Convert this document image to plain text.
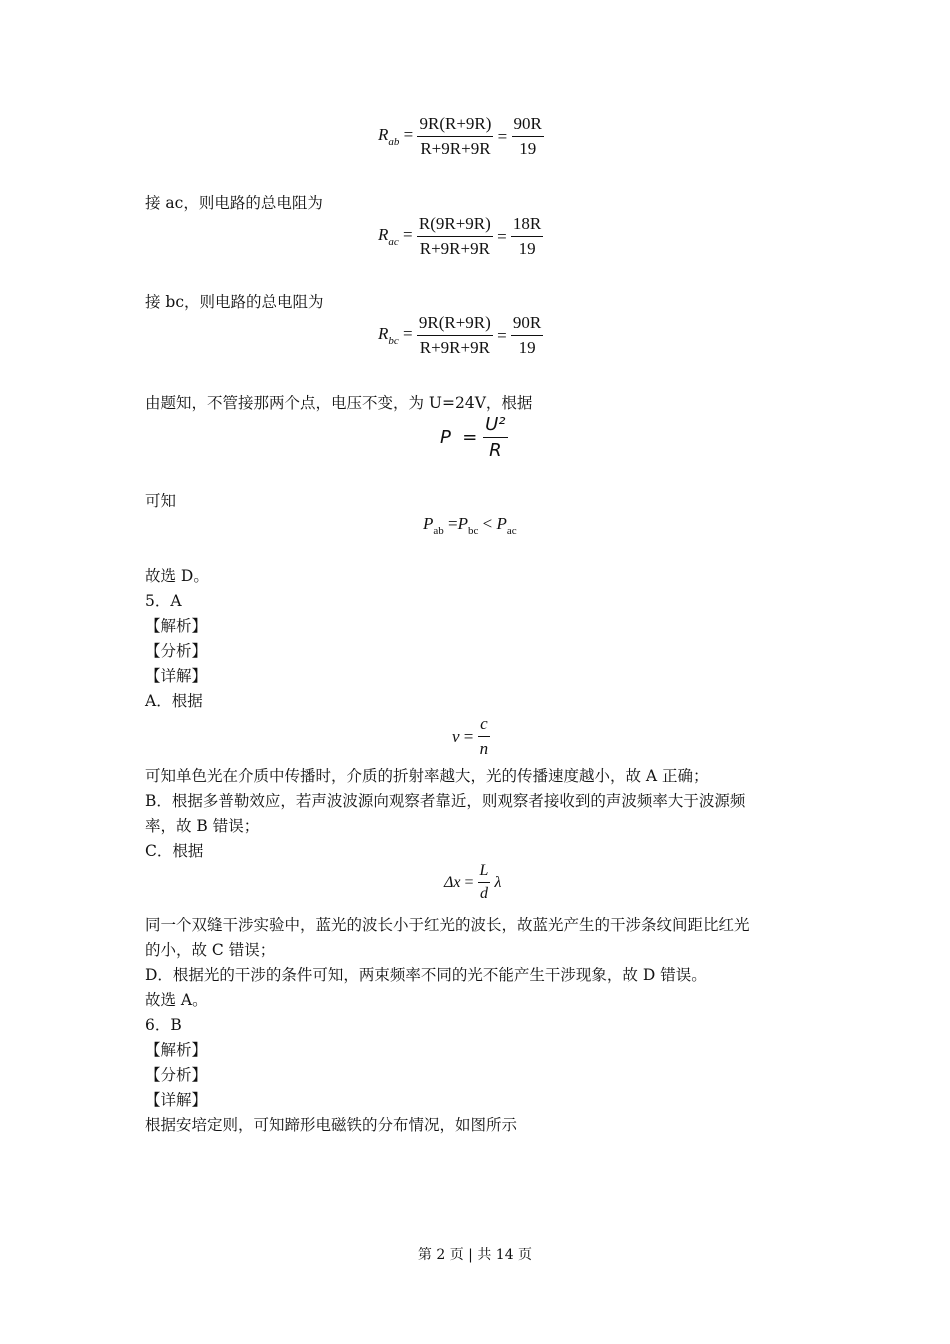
$R_{ab} = \frac{9R(R+9R)}{R+9R+9R} = \frac{90R}{19}$
接 ac，则电路的总电阻为
$R_{ac} = \frac{R(9R+9R)}{R+9R+9R} = \frac{18R}{19}$
接 bc，则电路的总电阻为
$R_{bc} = \frac{9R(R+9R)}{R+9R+9R} = \frac{90R}{19}$
由题知，不管接那两个点，电压不变，为 U=24V，根据
$P = \frac{\text{U²}}{R}$
可知
$P_{ab} =P_{bc} < P_{ac}$
故选 D。
5．A
【解析】
【分析】
【详解】
A．根据
$v = \frac{c}{n}$
可知单色光在介质中传播时，介质的折射率越大，光的传播速度越小，故 A 正确；
B．根据多普勒效应，若声波波源向观察者靠近，则观察者接收到的声波频率大于波源频
率，故 B 错误；
C．根据
$\Delta x = \frac{L}{d}$ λ
同一个双缝干涉实验中，蓝光的波长小于红光的波长，故蓝光产生的干涉条纹间距比红光
的小，故 C 错误；
D．根据光的干涉的条件可知，两束频率不同的光不能产生干涉现象，故 D 错误。
故选 A。
6．B
【解析】
【分析】
【详解】
根据安培定则，可知蹄形电磁铁的分布情况，如图所示
第 2 页 | 共 14 页
